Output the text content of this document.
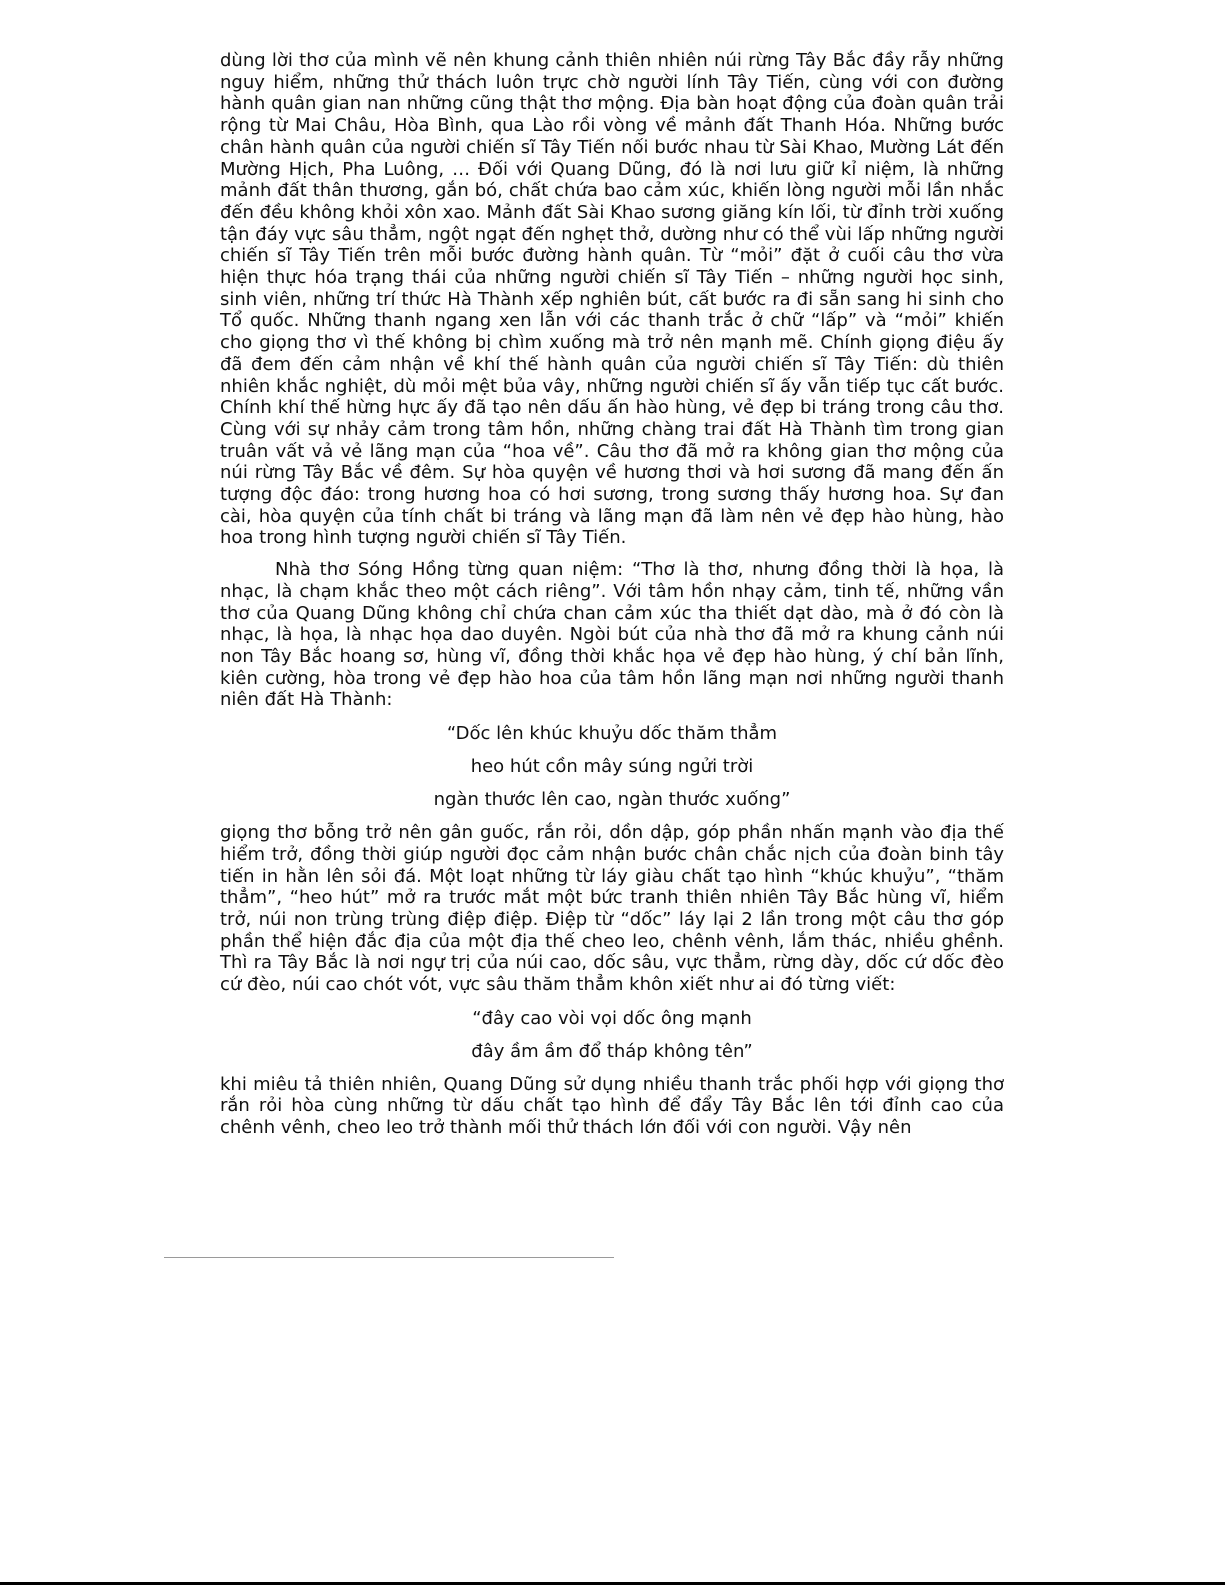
dùng lời thơ của mình vẽ nên khung cảnh thiên nhiên núi rừng Tây Bắc đầy rẫy những nguy hiểm, những thử thách luôn trực chờ người lính Tây Tiến, cùng với con đường hành quân gian nan những cũng thật thơ mộng. Địa bàn hoạt động của đoàn quân trải rộng từ Mai Châu, Hòa Bình, qua Lào rồi vòng về mảnh đất Thanh Hóa. Những bước chân hành quân của người chiến sĩ Tây Tiến nối bước nhau từ Sài Khao, Mường Lát đến Mường Hịch, Pha Luông, … Đối với Quang Dũng, đó là nơi lưu giữ kỉ niệm, là những mảnh đất thân thương, gắn bó, chất chứa bao cảm xúc, khiến lòng người mỗi lần nhắc đến đều không khỏi xôn xao. Mảnh đất Sài Khao sương giăng kín lối, từ đỉnh trời xuống tận đáy vực sâu thẳm, ngột ngạt đến nghẹt thở, dường như có thể vùi lấp những người chiến sĩ Tây Tiến trên mỗi bước đường hành quân. Từ “mỏi” đặt ở cuối câu thơ vừa hiện thực hóa trạng thái của những người chiến sĩ Tây Tiến – những người học sinh, sinh viên, những trí thức Hà Thành xếp nghiên bút, cất bước ra đi sẵn sang hi sinh cho Tổ quốc. Những thanh ngang xen lẫn với các thanh trắc ở chữ “lấp” và “mỏi” khiến cho giọng thơ vì thế không bị chìm xuống mà trở nên mạnh mẽ. Chính giọng điệu ấy đã đem đến cảm nhận về khí thế hành quân của người chiến sĩ Tây Tiến: dù thiên nhiên khắc nghiệt, dù mỏi mệt bủa vây, những người chiến sĩ ấy vẫn tiếp tục cất bước. Chính khí thế hừng hực ấy đã tạo nên dấu ấn hào hùng, vẻ đẹp bi tráng trong câu thơ. Cùng với sự nhảy cảm trong tâm hồn, những chàng trai đất Hà Thành tìm trong gian truân vất vả vẻ lãng mạn của “hoa về”. Câu thơ đã mở ra không gian thơ mộng của núi rừng Tây Bắc về đêm. Sự hòa quyện về hương thơi và hơi sương đã mang đến ấn tượng độc đáo: trong hương hoa có hơi sương, trong sương thấy hương hoa. Sự đan cài, hòa quyện của tính chất bi tráng và lãng mạn đã làm nên vẻ đẹp hào hùng, hào hoa trong hình tượng người chiến sĩ Tây Tiến.

Nhà thơ Sóng Hồng từng quan niệm: “Thơ là thơ, nhưng đồng thời là họa, là nhạc, là chạm khắc theo một cách riêng”. Với tâm hồn nhạy cảm, tinh tế, những vần thơ của Quang Dũng không chỉ chứa chan cảm xúc tha thiết dạt dào, mà ở đó còn là nhạc, là họa, là nhạc họa dao duyên. Ngòi bút của nhà thơ đã mở ra khung cảnh núi non Tây Bắc hoang sơ, hùng vĩ, đồng thời khắc họa vẻ đẹp hào hùng, ý chí bản lĩnh, kiên cường, hòa trong vẻ đẹp hào hoa của tâm hồn lãng mạn nơi những người thanh niên đất Hà Thành:

“Dốc lên khúc khuỷu dốc thăm thẳm

heo hút cồn mây súng ngửi trời

ngàn thước lên cao, ngàn thước xuống”

giọng thơ bỗng trở nên gân guốc, rắn rỏi, dồn dập, góp phần nhấn mạnh vào địa thế hiểm trở, đồng thời giúp người đọc cảm nhận bước chân chắc nịch của đoàn binh tây tiến in hằn lên sỏi đá. Một loạt những từ láy giàu chất tạo hình “khúc khuỷu”, “thăm thẳm”, “heo hút” mở ra trước mắt một bức tranh thiên nhiên Tây Bắc hùng vĩ, hiểm trở, núi non trùng trùng điệp điệp. Điệp từ “dốc” láy lại 2 lần trong một câu thơ góp phần thể hiện đắc địa của một địa thế cheo leo, chênh vênh, lắm thác, nhiều ghềnh. Thì ra Tây Bắc là nơi ngự trị của núi cao, dốc sâu, vực thẳm, rừng dày, dốc cứ dốc đèo cứ đèo, núi cao chót vót, vực sâu thăm thẳm khôn xiết như ai đó từng viết:

“đây cao vòi vọi dốc ông mạnh

đây ầm ầm đổ tháp không tên”

khi miêu tả thiên nhiên, Quang Dũng sử dụng nhiều thanh trắc phối hợp với giọng thơ rắn rỏi hòa cùng những từ dấu chất tạo hình để đẩy Tây Bắc lên tới đỉnh cao của chênh vênh, cheo leo trở thành mối thử thách lớn đối với con người. Vậy nên
